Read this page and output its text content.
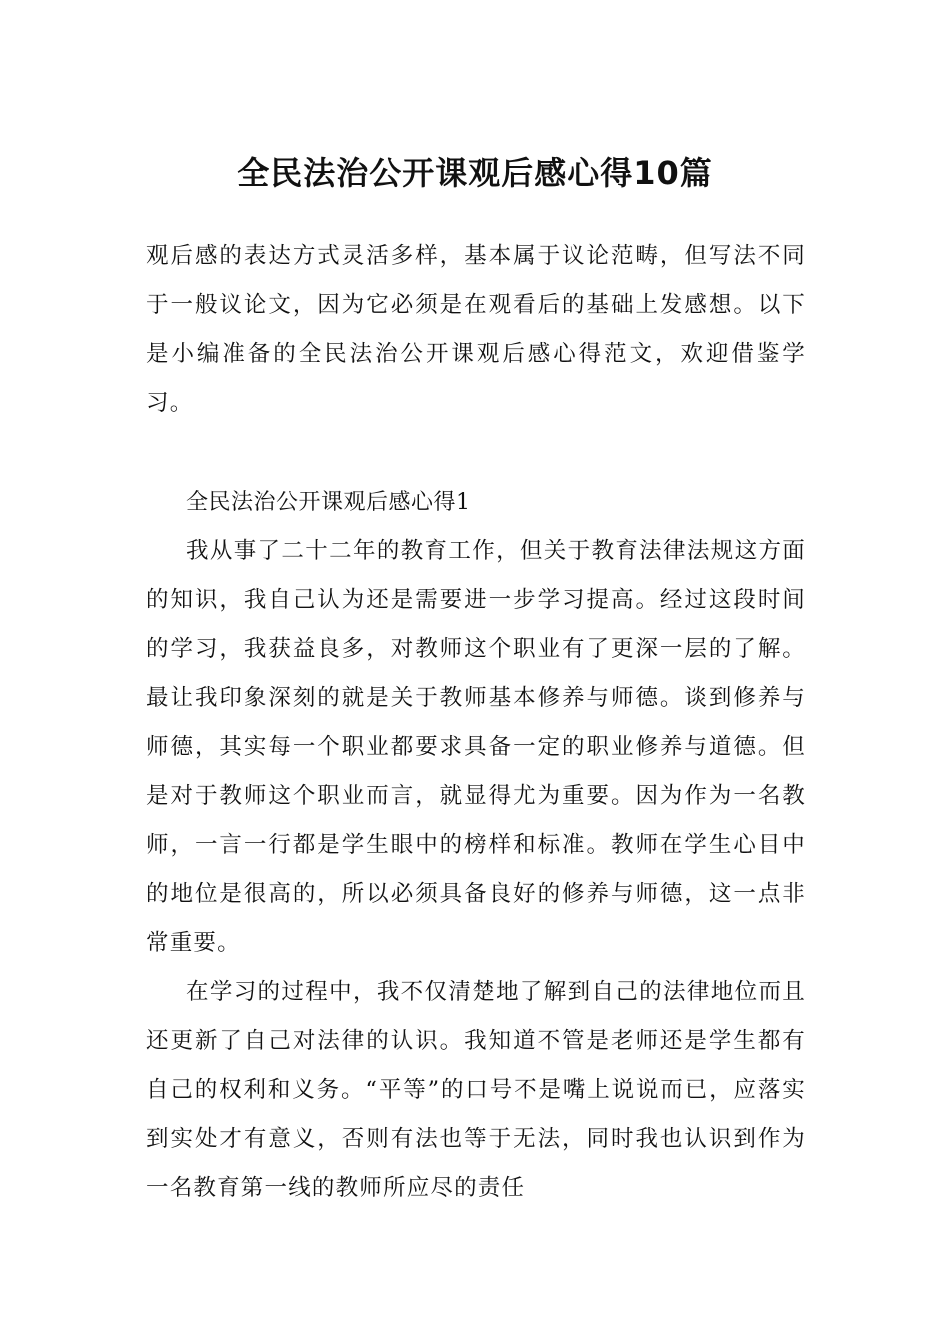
全民法治公开课观后感心得10篇

观后感的表达方式灵活多样，基本属于议论范畴，但写法不同于一般议论文，因为它必须是在观看后的基础上发感想。以下是小编准备的全民法治公开课观后感心得范文，欢迎借鉴学习。

全民法治公开课观后感心得1

我从事了二十二年的教育工作，但关于教育法律法规这方面的知识，我自己认为还是需要进一步学习提高。经过这段时间的学习，我获益良多，对教师这个职业有了更深一层的了解。最让我印象深刻的就是关于教师基本修养与师德。谈到修养与师德，其实每一个职业都要求具备一定的职业修养与道德。但是对于教师这个职业而言，就显得尤为重要。因为作为一名教师，一言一行都是学生眼中的榜样和标准。教师在学生心目中的地位是很高的，所以必须具备良好的修养与师德，这一点非常重要。

在学习的过程中，我不仅清楚地了解到自己的法律地位而且还更新了自己对法律的认识。我知道不管是老师还是学生都有自己的权利和义务。“平等”的口号不是嘴上说说而已，应落实到实处才有意义，否则有法也等于无法，同时我也认识到作为一名教育第一线的教师所应尽的责任
